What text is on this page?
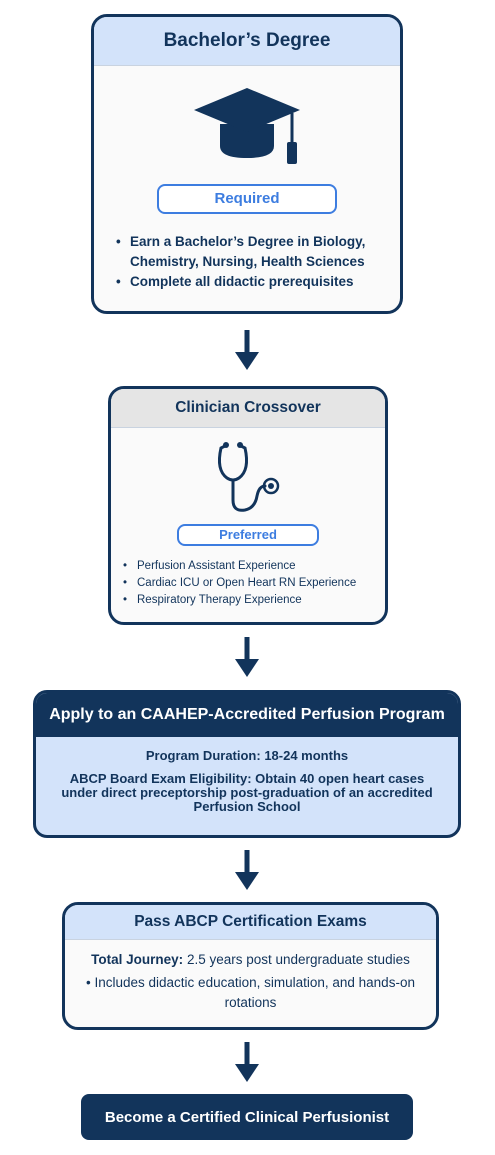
Bachelor’s Degree
Required
• Earn a Bachelor’s Degree in Biology, Chemistry, Nursing, Health Sciences
• Complete all didactic prerequisites
Clinician Crossover
Preferred
• Perfusion Assistant Experience
• Cardiac ICU or Open Heart RN Experience
• Respiratory Therapy Experience
Apply to an CAAHEP-Accredited Perfusion Program
Program Duration: 18-24 months
ABCP Board Exam Eligibility: Obtain 40 open heart cases under direct preceptorship post-graduation of an accredited Perfusion School
Pass ABCP Certification Exams
Total Journey: 2.5 years post undergraduate studies
• Includes didactic education, simulation, and hands-on rotations
Become a Certified Clinical Perfusionist
